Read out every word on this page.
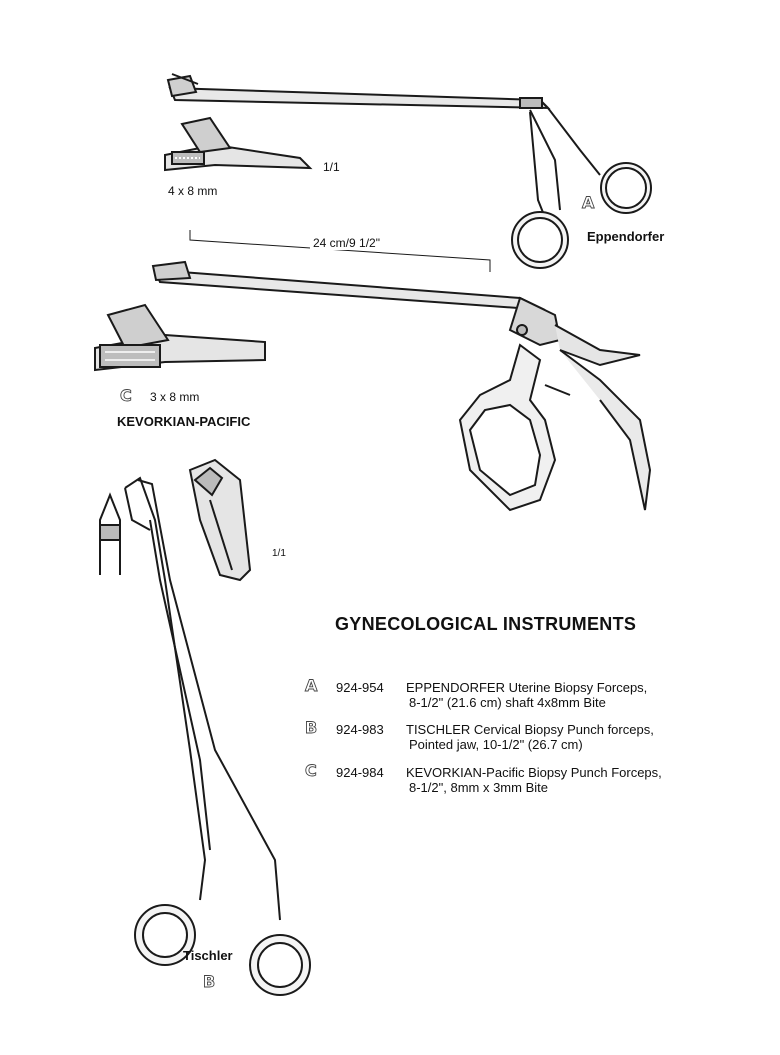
1/1
4 x 8 mm
A
Eppendorfer
24 cm/9 1/2"
C 3 x 8 mm
KEVORKIAN-PACIFIC
1/1
Tischler
B
GYNECOLOGICAL INSTRUMENTS
A 924-954 EPPENDORFER Uterine Biopsy Forceps,
8-1/2" (21.6 cm) shaft 4x8mm Bite
B 924-983 TISCHLER Cervical Biopsy Punch forceps,
Pointed jaw, 10-1/2" (26.7 cm)
C 924-984 KEVORKIAN-Pacific Biopsy Punch Forceps,
8-1/2", 8mm x 3mm Bite
